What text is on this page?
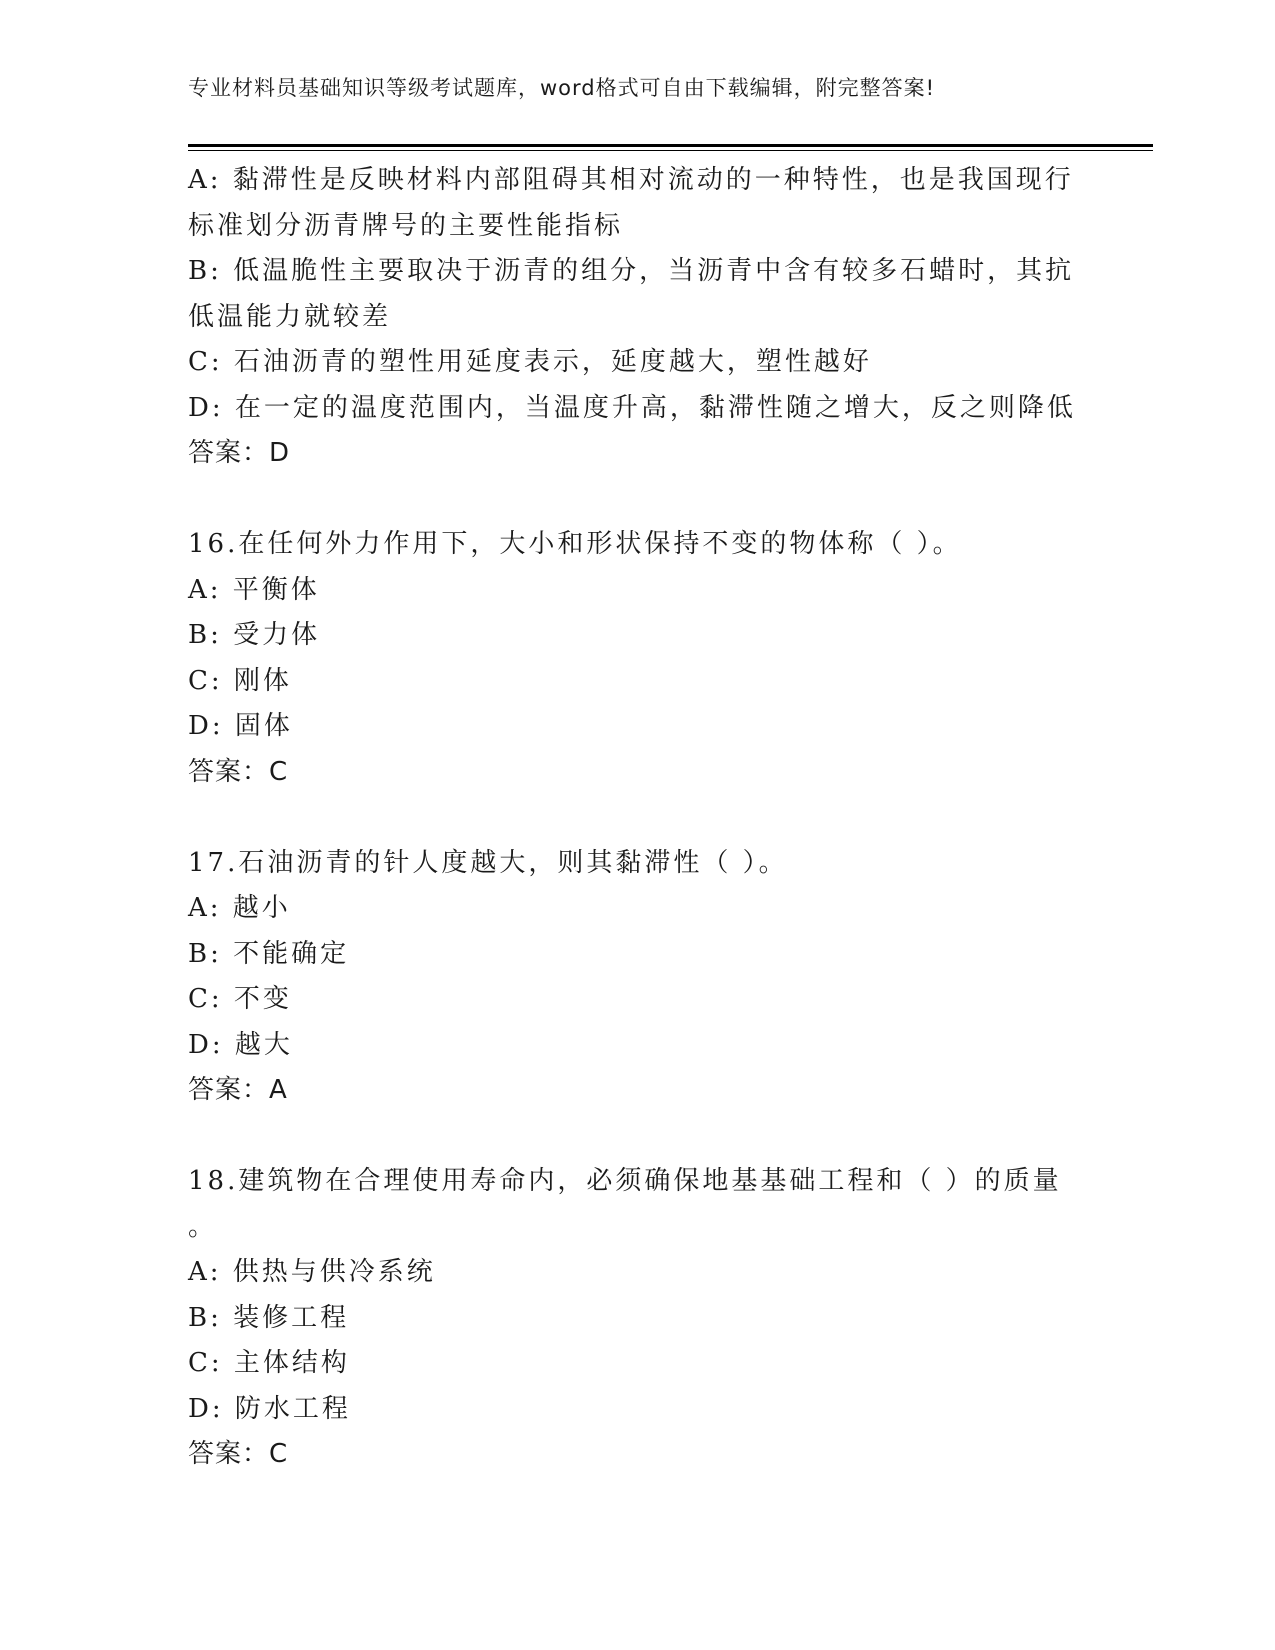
专业材料员基础知识等级考试题库，word格式可自由下载编辑，附完整答案!
A: 黏滞性是反映材料内部阻碍其相对流动的一种特性，也是我国现行
标准划分沥青牌号的主要性能指标
B: 低温脆性主要取决于沥青的组分，当沥青中含有较多石蜡时，其抗
低温能力就较差
C: 石油沥青的塑性用延度表示，延度越大，塑性越好
D: 在一定的温度范围内，当温度升高，黏滞性随之增大，反之则降低
答案：D
16.在任何外力作用下，大小和形状保持不变的物体称（ ）。
A: 平衡体
B: 受力体
C: 刚体
D: 固体
答案：C
17.石油沥青的针人度越大，则其黏滞性（ ）。
A: 越小
B: 不能确定
C: 不变
D: 越大
答案：A
18.建筑物在合理使用寿命内，必须确保地基基础工程和（ ）的质量
。
A: 供热与供冷系统
B: 装修工程
C: 主体结构
D: 防水工程
答案：C
